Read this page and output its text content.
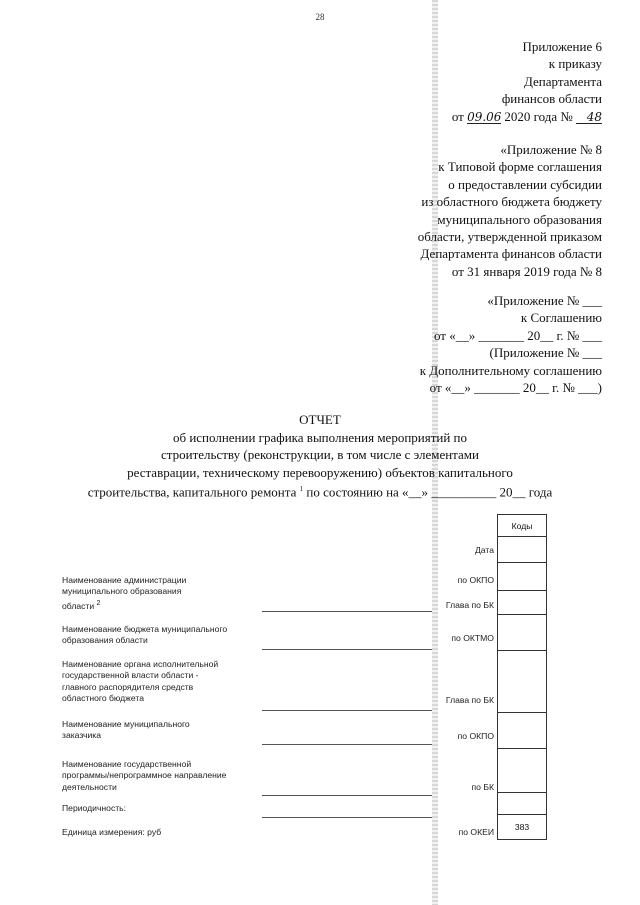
28
Приложение 6
к приказу
Департамента
финансов области
от 09.06 2020 года № 48
«Приложение № 8
к Типовой форме соглашения
о предоставлении субсидии
из областного бюджета бюджету
муниципального образования
области, утвержденной приказом
Департамента финансов области
от 31 января 2019 года № 8
«Приложение № ___
к Соглашению
от «__» _______ 20__ г. № ___
(Приложение № ___
к Дополнительному соглашению
от «__» _______ 20__ г. № ___)
ОТЧЕТ
об исполнении графика выполнения мероприятий по
строительству (реконструкции, в том числе с элементами
реставрации, техническому перевооружению) объектов капитального
строительства, капитального ремонта $^1$ по состоянию на «__» __________ 20__ года
Наименование администрации
муниципального образования
области $^2$
Наименование бюджета муниципального
образования области
Наименование органа исполнительной
государственной власти области -
главного распорядителя средств
областного бюджета
Наименование муниципального
заказчика
Наименование государственной
программы/непрограммное направление
деятельности
Периодичность:
Единица измерения: руб
Дата
по ОКПО
Глава по БК
по ОКТМО
Глава по БК
по ОКПО
по БК
по ОКЕИ
Коды
383
